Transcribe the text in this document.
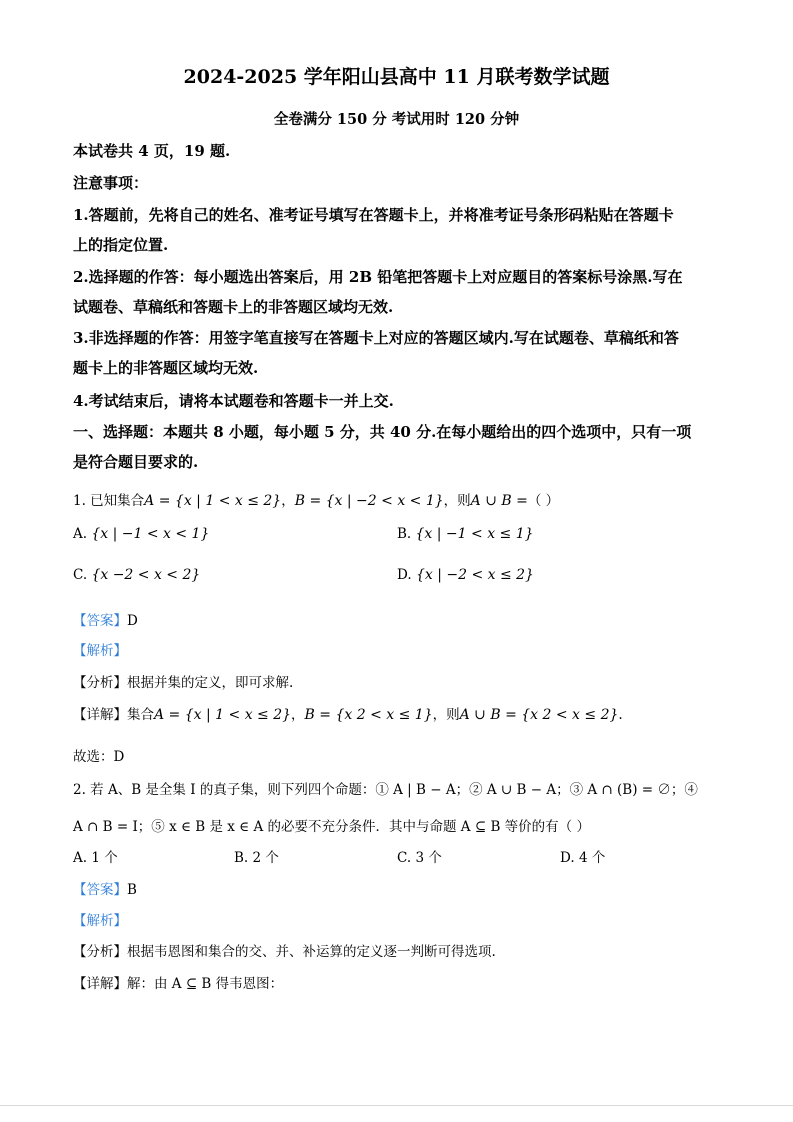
2024-2025 学年阳山县高中 11 月联考数学试题
全卷满分 150 分 考试用时 120 分钟
本试卷共 4 页，19 题.
注意事项：
1.答题前，先将自己的姓名、准考证号填写在答题卡上，并将准考证号条形码粘贴在答题卡
上的指定位置.
2.选择题的作答：每小题选出答案后，用 2B 铅笔把答题卡上对应题目的答案标号涂黑.写在
试题卷、草稿纸和答题卡上的非答题区域均无效.
3.非选择题的作答：用签字笔直接写在答题卡上对应的答题区域内.写在试题卷、草稿纸和答
题卡上的非答题区域均无效.
4.考试结束后，请将本试题卷和答题卡一并上交.
一、选择题：本题共 8 小题，每小题 5 分，共 40 分.在每小题给出的四个选项中，只有一项
是符合题目要求的.
1. 已知集合A = {x | 1 < x ≤ 2}，B = {x | −2 < x < 1}，则A ∪ B =（ ）
A. {x | −1 < x < 1}	B. {x | −1 < x ≤ 1}
C. {x −2 < x < 2}	D. {x | −2 < x ≤ 2}
【答案】D
【解析】
【分析】根据并集的定义，即可求解.
【详解】集合A = {x | 1 < x ≤ 2}，B = {x 2 < x ≤ 1}，则A ∪ B = {x 2 < x ≤ 2}.
故选：D
2. 若 A、B 是全集 I 的真子集，则下列四个命题：① A | B − A；② A ∪ B − A；③ A ∩ (B) = ∅；④
A ∩ B = I；⑤ x ∈ B 是 x ∈ A 的必要不充分条件．其中与命题 A ⊆ B 等价的有（ ）
A. 1 个	B. 2 个	C. 3 个	D. 4 个
【答案】B
【解析】
【分析】根据韦恩图和集合的交、并、补运算的定义逐一判断可得选项.
【详解】解：由 A ⊆ B 得韦恩图：
